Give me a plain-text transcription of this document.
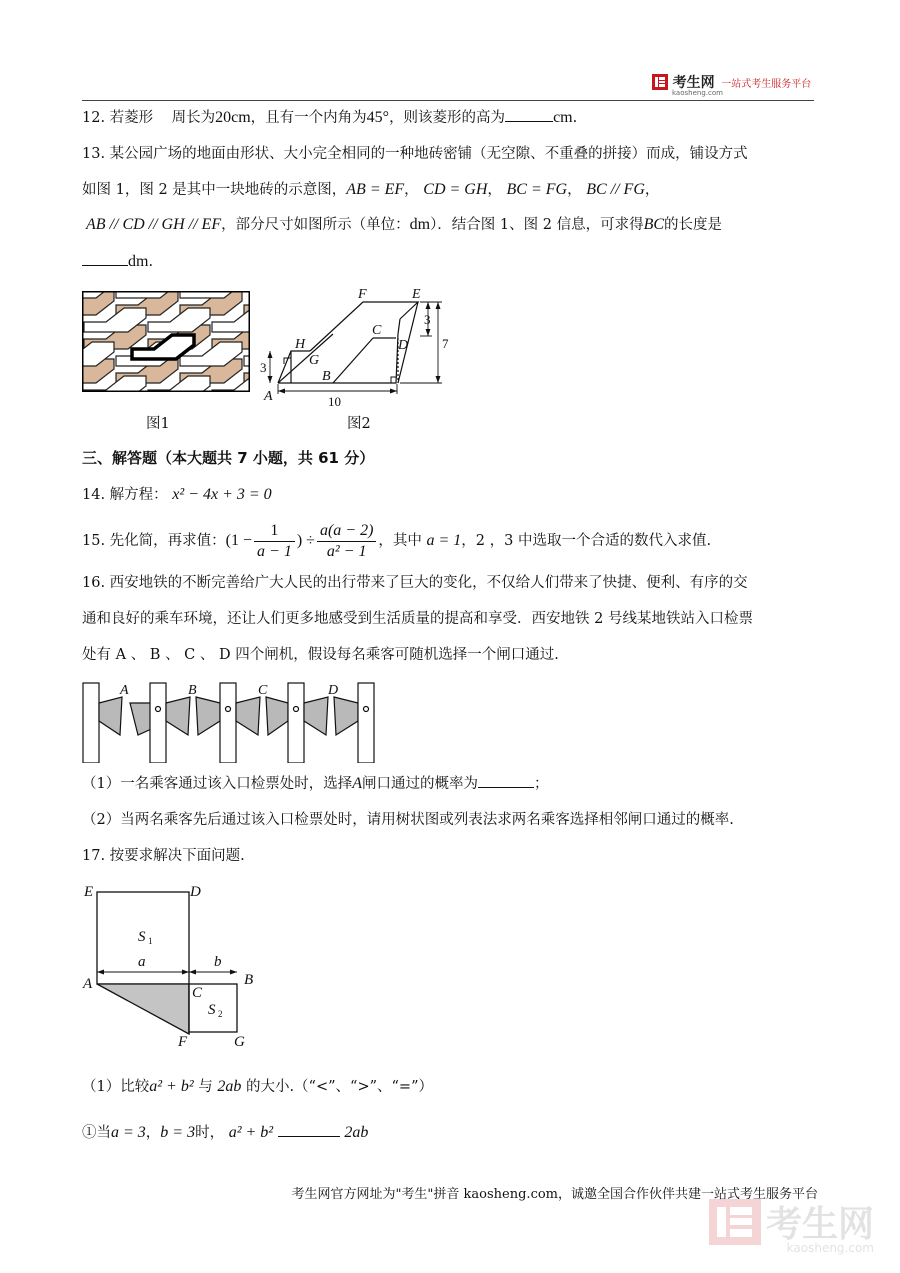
考生网 一站式考生服务平台
kaosheng.com
12. 若菱形 周长为20cm，且有一个内角为45°，则该菱形的高为	cm.
13. 某公园广场的地面由形状、大小完全相同的一种地砖密铺（无空隙、不重叠的拼接）而成，铺设方式
如图 1，图 2 是其中一块地砖的示意图，AB = EF， CD = GH， BC = FG， BC // FG，
AB // CD // GH // EF，部分尺寸如图所示（单位：dm）．结合图 1、图 2 信息，可求得BC的长度是
dm.
图1
F	E
C
D
H
G
B
A
3
3
7
10
图2
三、解答题（本大题共 7 小题，共 61 分）
14. 解方程： x² − 4x + 3 = 0
15. 先化简，再求值：($1 - \frac{1}{a - 1}$ ) ÷ $\frac{a(a - 2)}{\text{a² − 1}}$ ，其中 a = 1，2 ，3 中选取一个合适的数代入求值.
16. 西安地铁的不断完善给广大人民的出行带来了巨大的变化，不仅给人们带来了快捷、便利、有序的交
通和良好的乘车环境，还让人们更多地感受到生活质量的提高和享受．西安地铁 2 号线某地铁站入口检票
处有 A 、 B 、 C 、 D 四个闸机，假设每名乘客可随机选择一个闸口通过.
A	B	C	D
（1）一名乘客通过该入口检票处时，选择A闸口通过的概率为	；
（2）当两名乘客先后通过该入口检票处时，请用树状图或列表法求两名乘客选择相邻闸口通过的概率.
17. 按要求解决下面问题.
E	D
S
a	b
A	B
C
S
F	G
1
2
（1）比较a² + b² 与 2ab 的大小.（“<”、“>”、“=”）
①当a = 3，b = 3时， a² + b²	2ab
考生网官方网址为"考生"拼音 kaosheng.com，诚邀全国合作伙伴共建一站式考生服务平台
考生网
kaosheng.com
